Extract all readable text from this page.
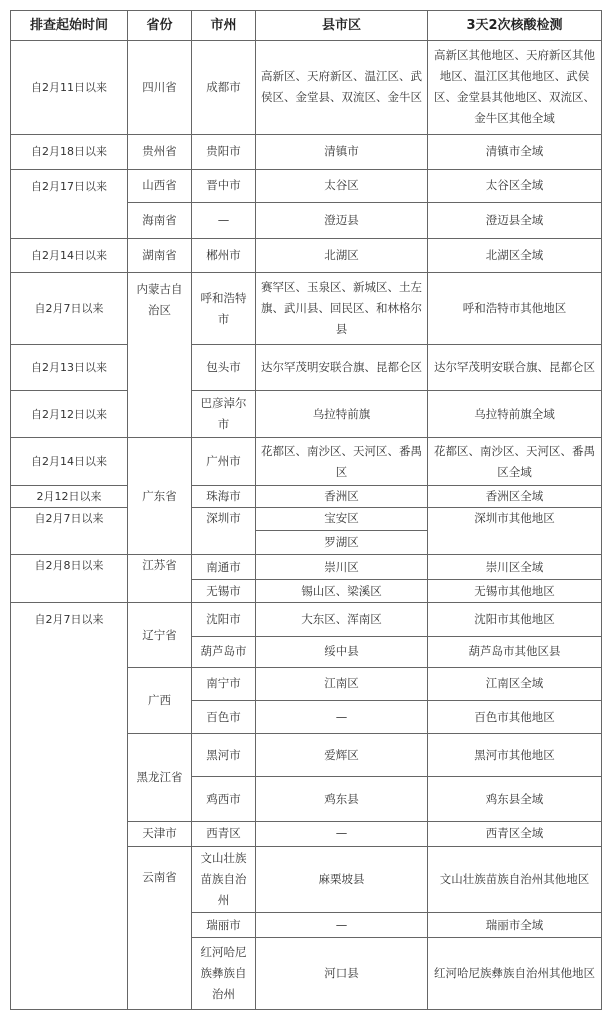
排查起始时间	省份	市州	县市区	3天2次核酸检测
自2月11日以来	四川省	成都市	高新区、天府新区、温江区、武侯区、金堂县、双流区、金牛区	高新区其他地区、天府新区其他地区、温江区其他地区、武侯区、金堂县其他地区、双流区、金牛区其他全域
自2月18日以来	贵州省	贵阳市	清镇市	清镇市全域
自2月17日以来	山西省	晋中市	太谷区	太谷区全域
	海南省	—	澄迈县	澄迈县全域
自2月14日以来	湖南省	郴州市	北湖区	北湖区全域
自2月7日以来	内蒙古自治区	呼和浩特市	赛罕区、玉泉区、新城区、土左旗、武川县、回民区、和林格尔县	呼和浩特市其他地区
自2月13日以来		包头市	达尔罕茂明安联合旗、昆都仑区	达尔罕茂明安联合旗、昆都仑区
自2月12日以来		巴彦淖尔市	乌拉特前旗	乌拉特前旗全域
自2月14日以来	广东省	广州市	花都区、南沙区、天河区、番禺区	花都区、南沙区、天河区、番禺区全域
2月12日以来		珠海市	香洲区	香洲区全域
自2月7日以来		深圳市	宝安区	深圳市其他地区
			罗湖区	
自2月8日以来	江苏省	南通市	崇川区	崇川区全域
		无锡市	锡山区、梁溪区	无锡市其他地区
自2月7日以来	辽宁省	沈阳市	大东区、浑南区	沈阳市其他地区
		葫芦岛市	绥中县	葫芦岛市其他区县
	广西	南宁市	江南区	江南区全域
		百色市	—	百色市其他地区
	黑龙江省	黑河市	爱辉区	黑河市其他地区
		鸡西市	鸡东县	鸡东县全域
	天津市	西青区	—	西青区全域
	云南省	文山壮族苗族自治州	麻栗坡县	文山壮族苗族自治州其他地区
		瑞丽市	—	瑞丽市全域
		红河哈尼族彝族自治州	河口县	红河哈尼族彝族自治州其他地区
